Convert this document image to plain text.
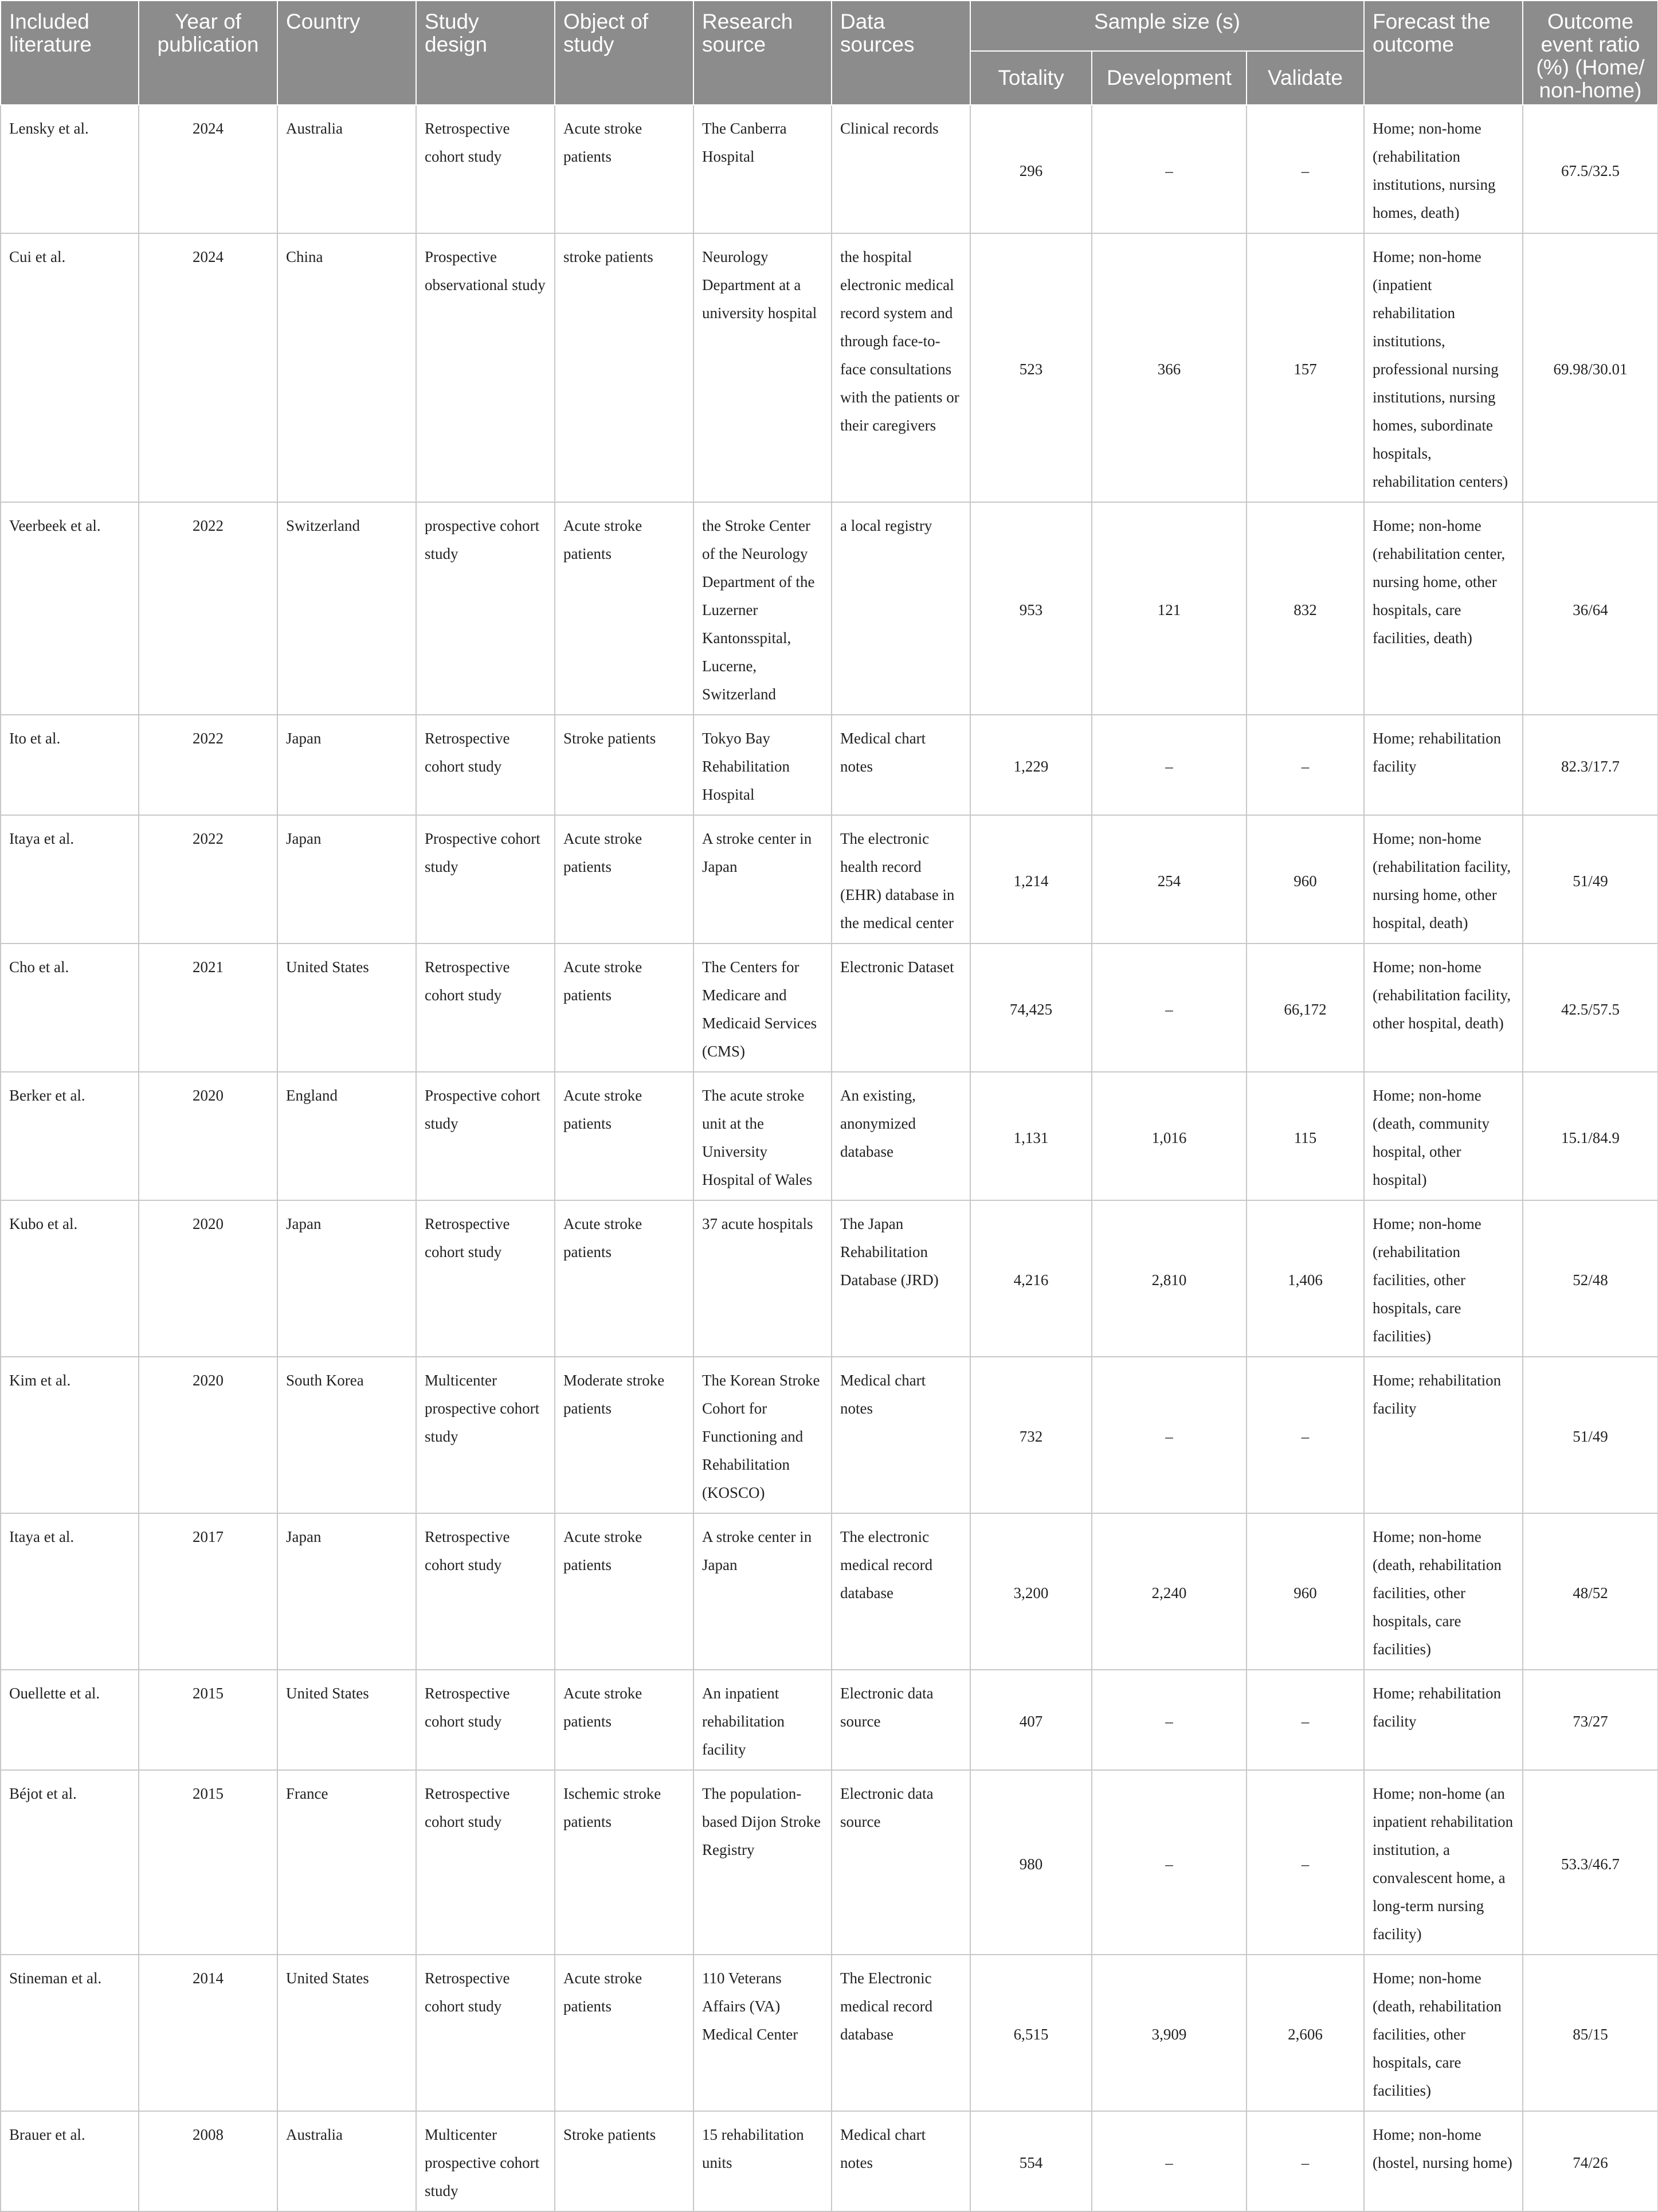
Included literature	Year of publication	Country	Study design	Object of study	Research source	Data sources	Sample size (s)			Forecast the outcome	Outcome event ratio (%) (Home/ non-home)
							Totality	Development	Validate		
Lensky et al.	2024	Australia	Retrospective cohort study	Acute stroke patients	The Canberra Hospital	Clinical records	296	–	–	Home; non-home (rehabilitation institutions, nursing homes, death)	67.5/32.5
Cui et al.	2024	China	Prospective observational study	stroke patients	Neurology Department at a university hospital	the hospital electronic medical record system and through face-to-face consultations with the patients or their caregivers	523	366	157	Home; non-home (inpatient rehabilitation institutions, professional nursing institutions, nursing homes, subordinate hospitals, rehabilitation centers)	69.98/30.01
Veerbeek et al.	2022	Switzerland	prospective cohort study	Acute stroke patients	the Stroke Center of the Neurology Department of the Luzerner Kantonsspital, Lucerne, Switzerland	a local registry	953	121	832	Home; non-home (rehabilitation center, nursing home, other hospitals, care facilities, death)	36/64
Ito et al.	2022	Japan	Retrospective cohort study	Stroke patients	Tokyo Bay Rehabilitation Hospital	Medical chart notes	1,229	–	–	Home; rehabilitation facility	82.3/17.7
Itaya et al.	2022	Japan	Prospective cohort study	Acute stroke patients	A stroke center in Japan	The electronic health record (EHR) database in the medical center	1,214	254	960	Home; non-home (rehabilitation facility, nursing home, other hospital, death)	51/49
Cho et al.	2021	United States	Retrospective cohort study	Acute stroke patients	The Centers for Medicare and Medicaid Services (CMS)	Electronic Dataset	74,425	–	66,172	Home; non-home (rehabilitation facility, other hospital, death)	42.5/57.5
Berker et al.	2020	England	Prospective cohort study	Acute stroke patients	The acute stroke unit at the University Hospital of Wales	An existing, anonymized database	1,131	1,016	115	Home; non-home (death, community hospital, other hospital)	15.1/84.9
Kubo et al.	2020	Japan	Retrospective cohort study	Acute stroke patients	37 acute hospitals	The Japan Rehabilitation Database (JRD)	4,216	2,810	1,406	Home; non-home (rehabilitation facilities, other hospitals, care facilities)	52/48
Kim et al.	2020	South Korea	Multicenter prospective cohort study	Moderate stroke patients	The Korean Stroke Cohort for Functioning and Rehabilitation (KOSCO)	Medical chart notes	732	–	–	Home; rehabilitation facility	51/49
Itaya et al.	2017	Japan	Retrospective cohort study	Acute stroke patients	A stroke center in Japan	The electronic medical record database	3,200	2,240	960	Home; non-home (death, rehabilitation facilities, other hospitals, care facilities)	48/52
Ouellette et al.	2015	United States	Retrospective cohort study	Acute stroke patients	An inpatient rehabilitation facility	Electronic data source	407	–	–	Home; rehabilitation facility	73/27
Béjot et al.	2015	France	Retrospective cohort study	Ischemic stroke patients	The population-based Dijon Stroke Registry	Electronic data source	980	–	–	Home; non-home (an inpatient rehabilitation institution, a convalescent home, a long-term nursing facility)	53.3/46.7
Stineman et al.	2014	United States	Retrospective cohort study	Acute stroke patients	110 Veterans Affairs (VA) Medical Center	The Electronic medical record database	6,515	3,909	2,606	Home; non-home (death, rehabilitation facilities, other hospitals, care facilities)	85/15
Brauer et al.	2008	Australia	Multicenter prospective cohort study	Stroke patients	15 rehabilitation units	Medical chart notes	554	–	–	Home; non-home (hostel, nursing home)	74/26
